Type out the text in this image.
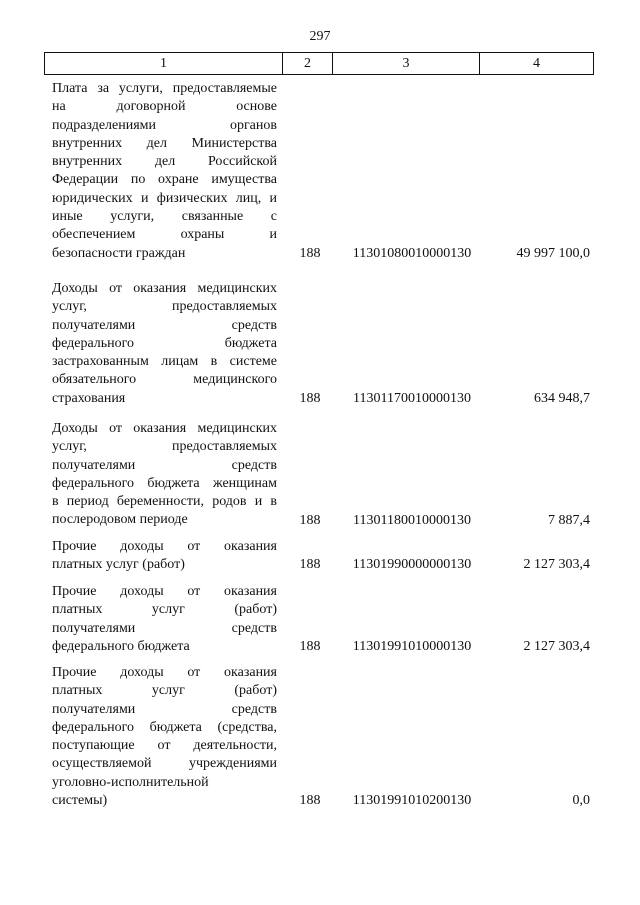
297
1	2	3	4
Плата за услуги, предоставляемые
на договорной основе
подразделениями органов
внутренних дел Министерства
внутренних дел Российской
Федерации по охране имущества
юридических и физических лиц, и
иные услуги, связанные с
обеспечением охраны и
безопасности граждан	188	11301080010000130	49 997 100,0
Доходы от оказания медицинских
услуг, предоставляемых
получателями средств
федерального бюджета
застрахованным лицам в системе
обязательного медицинского
страхования	188	11301170010000130	634 948,7
Доходы от оказания медицинских
услуг, предоставляемых
получателями средств
федерального бюджета женщинам
в период беременности, родов и в
послеродовом периоде	188	11301180010000130	7 887,4
Прочие доходы от оказания
платных услуг (работ)	188	11301990000000130	2 127 303,4
Прочие доходы от оказания
платных услуг (работ)
получателями средств
федерального бюджета	188	11301991010000130	2 127 303,4
Прочие доходы от оказания
платных услуг (работ)
получателями средств
федерального бюджета (средства,
поступающие от деятельности,
осуществляемой учреждениями
уголовно-исполнительной
системы)	188	11301991010200130	0,0
